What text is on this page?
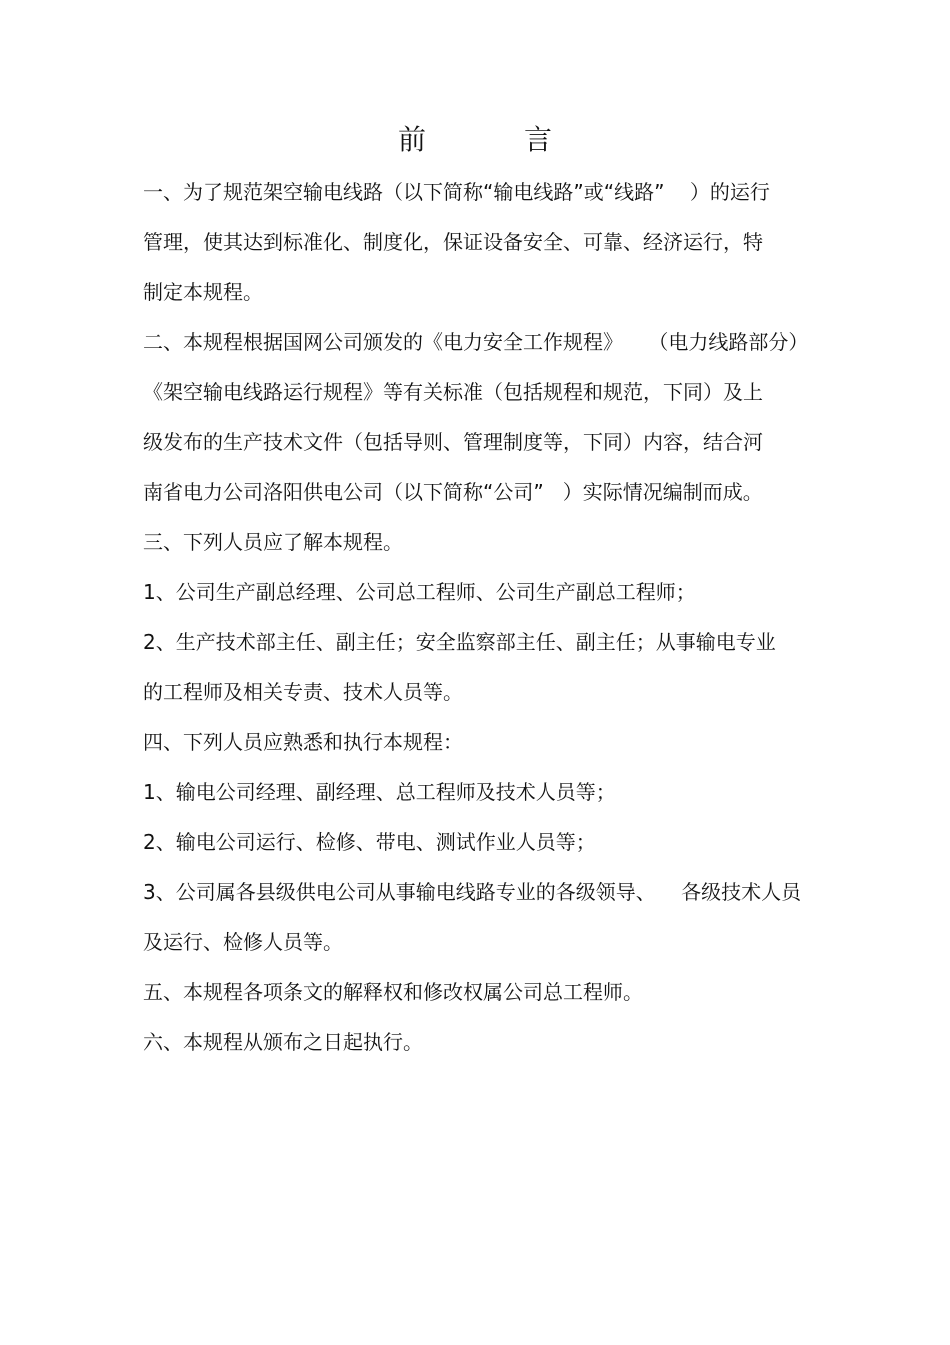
前           言
一、为了规范架空输电线路（以下简称“输电线路”或“线路”    ）的运行
管理，使其达到标准化、制度化，保证设备安全、可靠、经济运行，特
制定本规程。
二、本规程根据国网公司颁发的《电力安全工作规程》    （电力线路部分）
《架空输电线路运行规程》等有关标准（包括规程和规范，下同）及上
级发布的生产技术文件（包括导则、管理制度等，下同）内容，结合河
南省电力公司洛阳供电公司（以下简称“公司”   ）实际情况编制而成。
三、下列人员应了解本规程。
1、公司生产副总经理、公司总工程师、公司生产副总工程师；
2、生产技术部主任、副主任；安全监察部主任、副主任；从事输电专业
的工程师及相关专责、技术人员等。
四、下列人员应熟悉和执行本规程：
1、输电公司经理、副经理、总工程师及技术人员等；
2、输电公司运行、检修、带电、测试作业人员等；
3、公司属各县级供电公司从事输电线路专业的各级领导、    各级技术人员
及运行、检修人员等。
五、本规程各项条文的解释权和修改权属公司总工程师。
六、本规程从颁布之日起执行。
